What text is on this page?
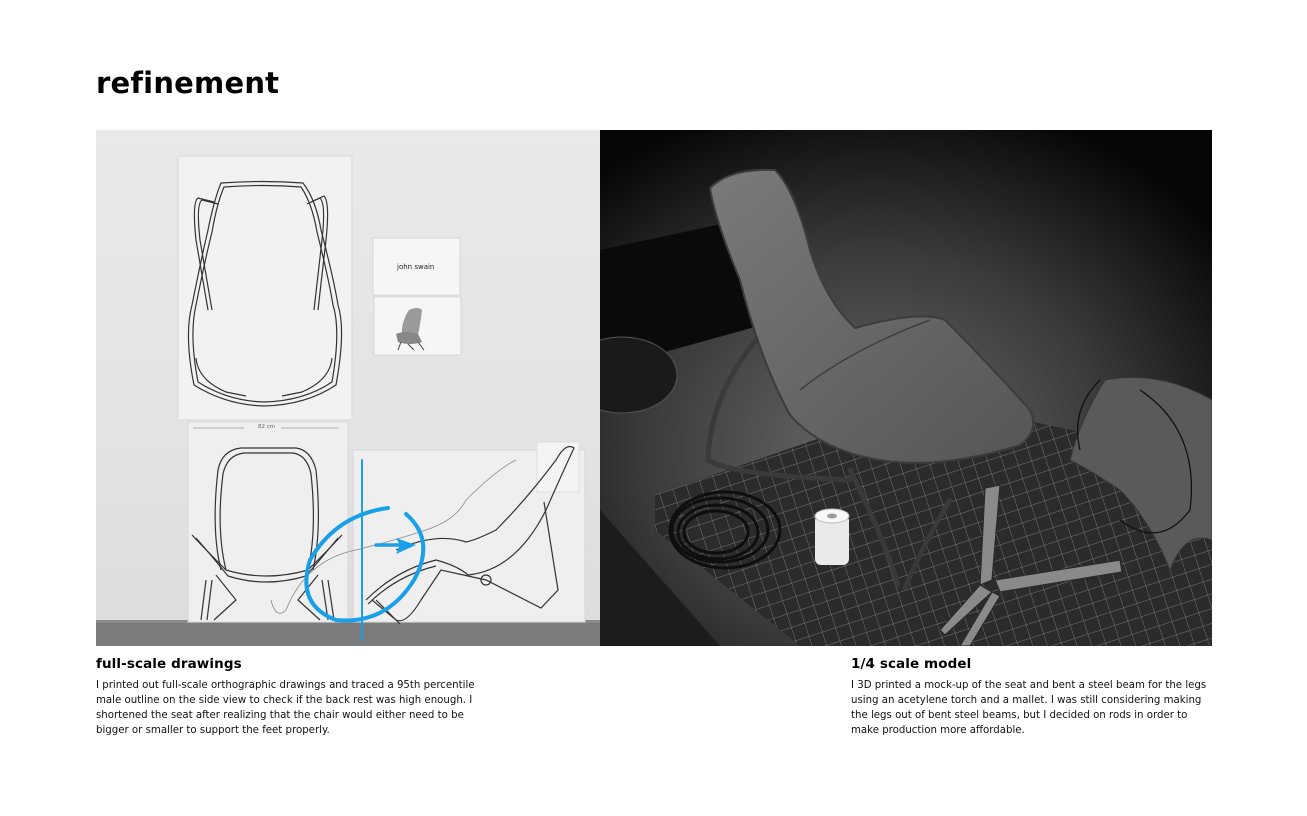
refinement
john swain
82 cm
full-scale drawings

I printed out full-scale orthographic drawings and traced a 95th percentile male outline on the side view to check if the back rest was high enough. I shortened the seat after realizing that the chair would either need to be bigger or smaller to support the feet properly.

1/4 scale model

I 3D printed a mock-up of the seat and bent a steel beam for the legs using an acetylene torch and a mallet. I was still considering making the legs out of bent steel beams, but I decided on rods in order to make production more affordable.
